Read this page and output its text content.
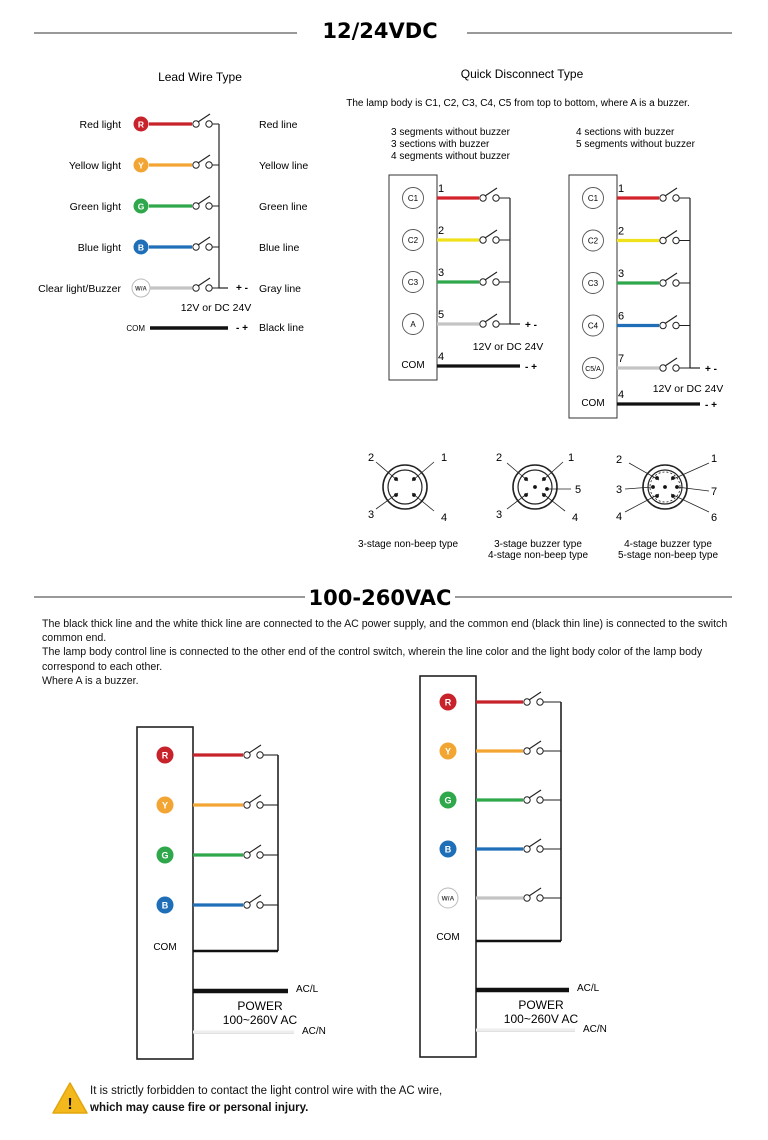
12/24VDC
Lead Wire Type
Red light R	Red line
Yellow light Y	Yellow line
Green light G	Green line
Blue light B	Blue line
Clear light/Buzzer W/A	Gray line
+ -
12V or DC 24V
COM	- + Black line
Quick Disconnect Type
The lamp body is C1, C2, C3, C4, C5 from top to bottom, where A is a buzzer.
3 segments without buzzer
3 sections with buzzer
4 segments without buzzer
4 sections with buzzer
5 segments without buzzer
C1
1
C2
2
C3
3
A
5
+ -
12V or DC 24V
COM
4
- +
C1
1
C2
2
C3
3
C4
6
C5/A
7
+ -
12V or DC 24V
COM
4
- +
2	1
3	4
3-stage non-beep type
2	1
5
3	4
3-stage buzzer type
4-stage non-beep type
2	1
3	7
4	6
4-stage buzzer type
5-stage non-beep type
100-260VAC
R
Y
G
B
COM
AC/L
AC/N
POWER
100~260V AC
R
Y
G
B
W/A
COM
AC/L
AC/N
POWER
100~260V AC
!

The black thick line and the white thick line are connected to the AC power supply, and the common end (black thin line) is connected to the switch common end.

The lamp body control line is connected to the other end of the control switch, wherein the line color and the light body color of the lamp body correspond to each other.

Where A is a buzzer.

It is strictly forbidden to contact the light control wire with the AC wire,
which may cause fire or personal injury.
